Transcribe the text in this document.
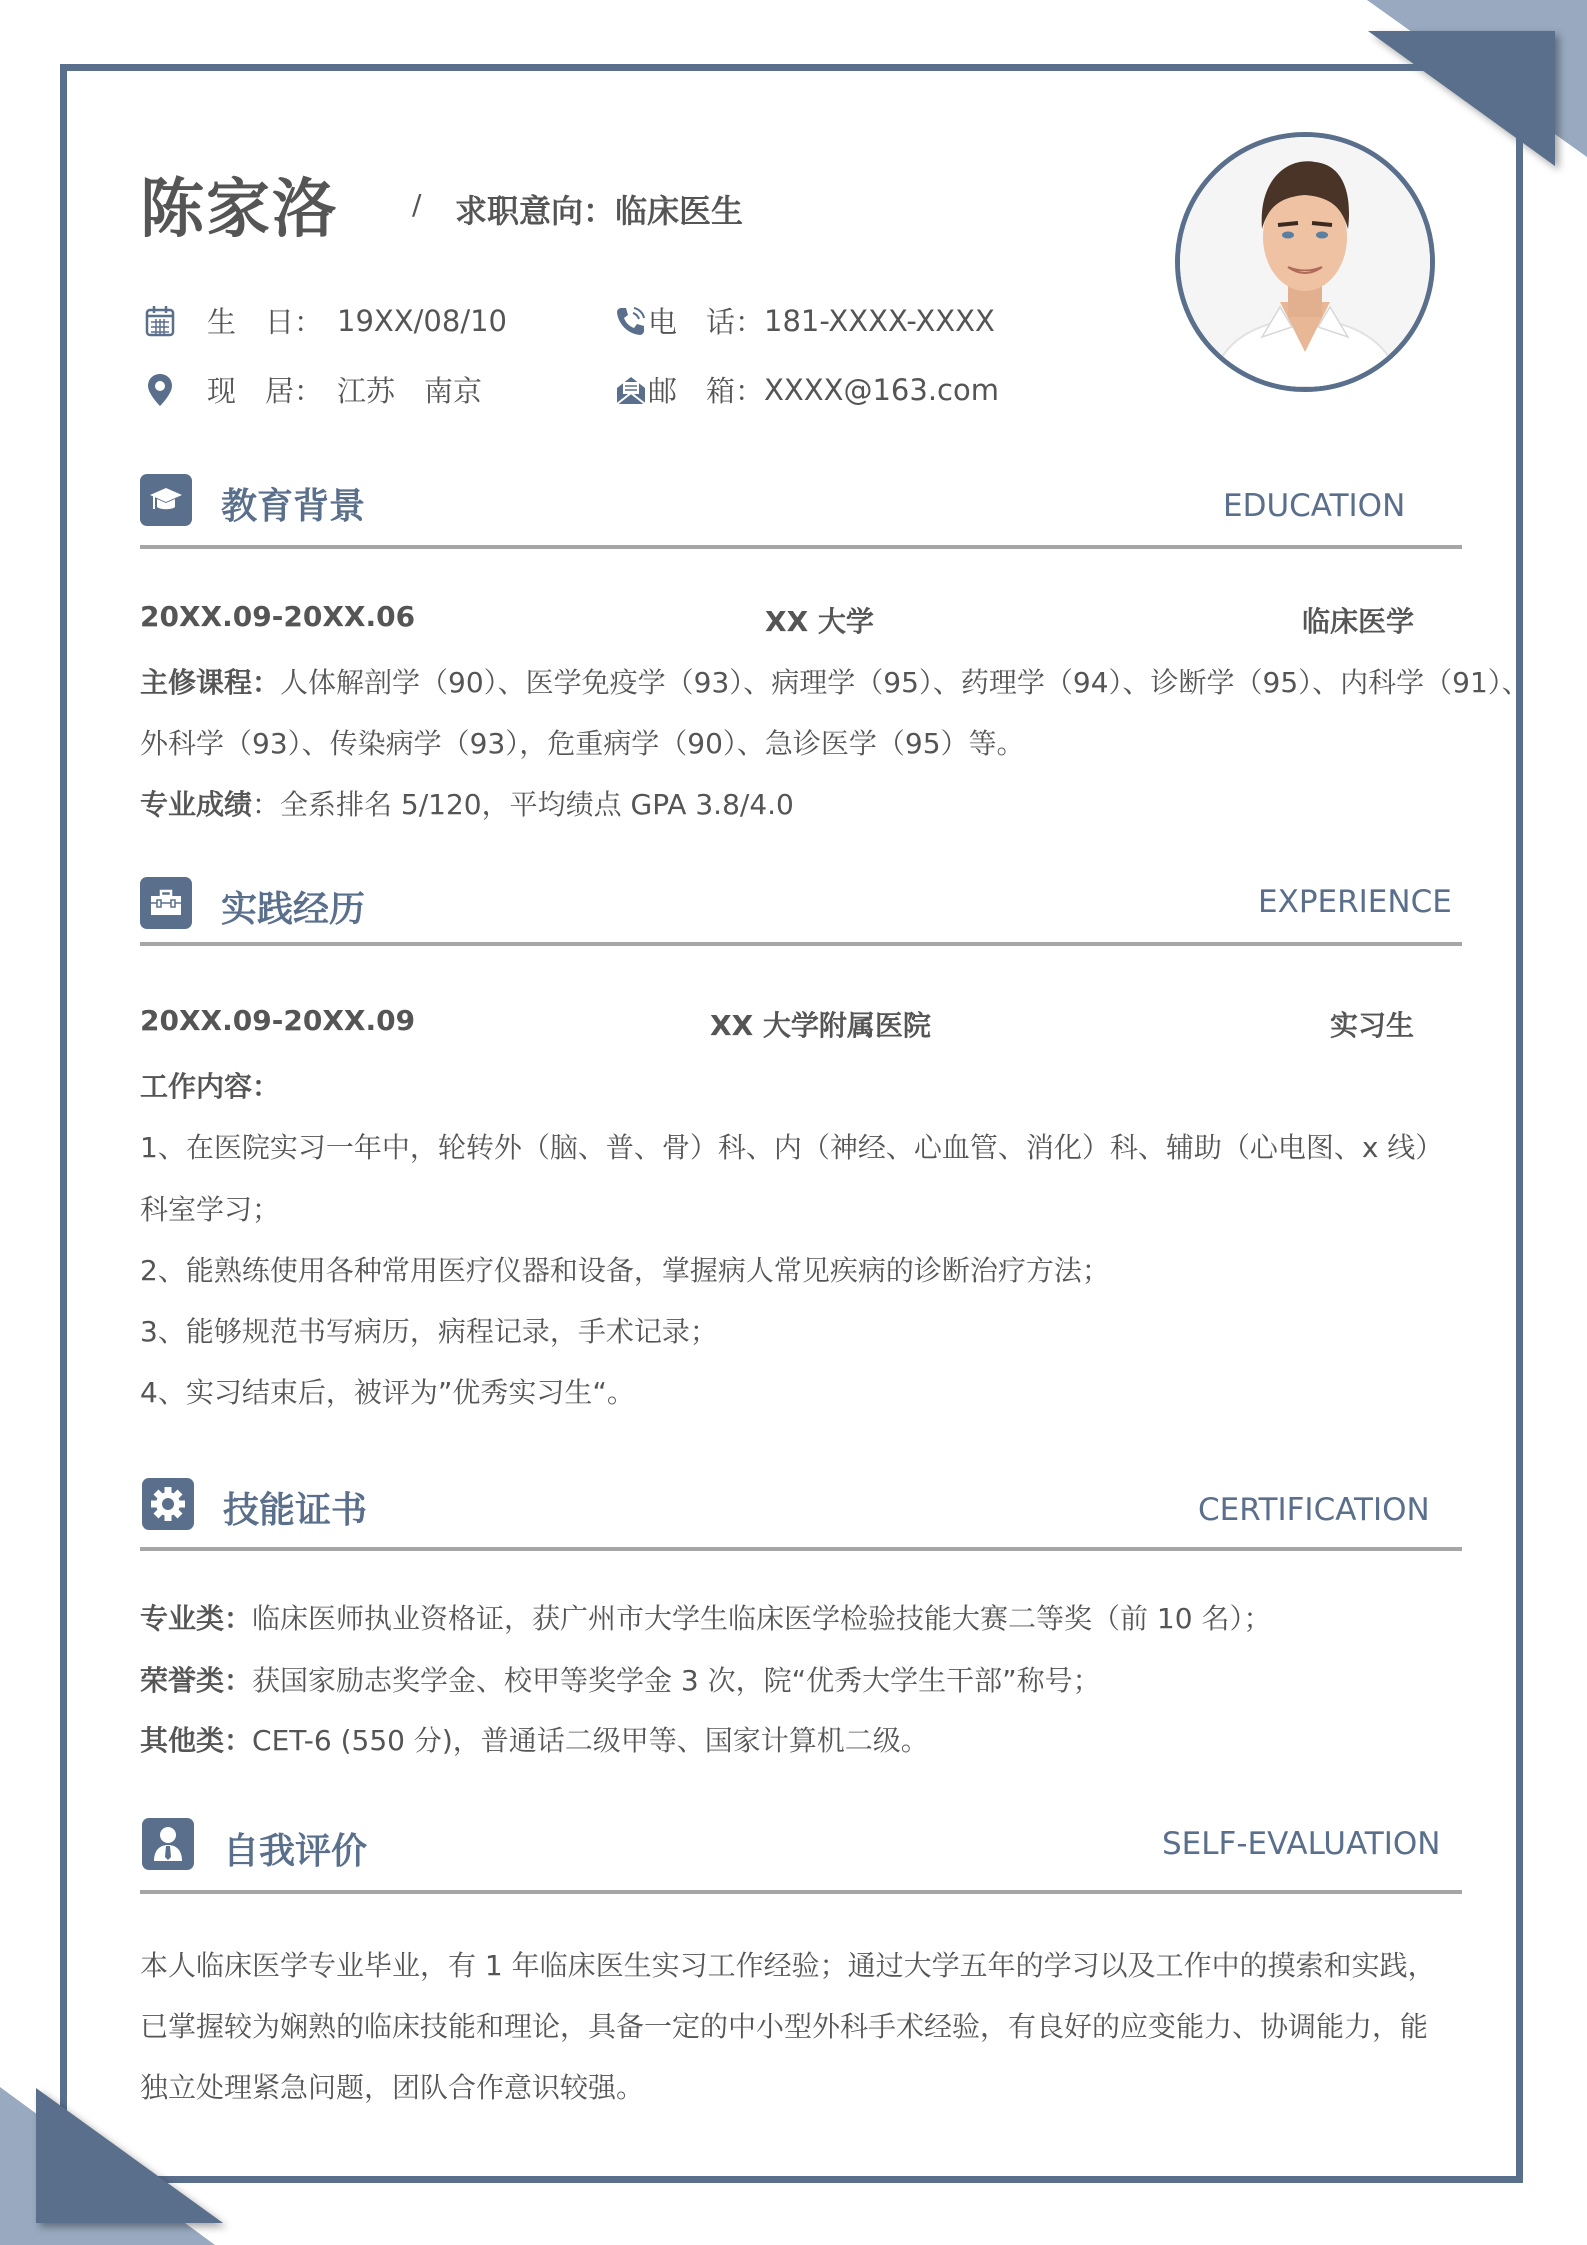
陈家洛	/ 求职意向：临床医生
生　日： 19XX/08/10
现　居： 江苏　南京
电　话： 181-XXXX-XXXX
邮　箱： XXXX@163.com
教育背景	EDUCATION
20XX.09-20XX.06	XX 大学	临床医学
主修课程：人体解剖学（90）、医学免疫学（93）、病理学（95）、药理学（94）、诊断学（95）、内科学（91）、
外科学（93）、传染病学（93），危重病学（90）、急诊医学（95）等。
专业成绩：全系排名 5/120，平均绩点 GPA 3.8/4.0
实践经历	EXPERIENCE
20XX.09-20XX.09	XX 大学附属医院	实习生
工作内容：
1、在医院实习一年中，轮转外（脑、普、骨）科、内（神经、心血管、消化）科、辅助（心电图、x 线）
科室学习；
2、能熟练使用各种常用医疗仪器和设备，掌握病人常见疾病的诊断治疗方法；
3、能够规范书写病历，病程记录，手术记录；
4、实习结束后，被评为”优秀实习生“。
技能证书	CERTIFICATION
专业类：临床医师执业资格证，获广州市大学生临床医学检验技能大赛二等奖（前 10 名）；
荣誉类：获国家励志奖学金、校甲等奖学金 3 次，院“优秀大学生干部”称号；
其他类：CET-6 (550 分)，普通话二级甲等、国家计算机二级。
自我评价	SELF-EVALUATION
本人临床医学专业毕业，有 1 年临床医生实习工作经验；通过大学五年的学习以及工作中的摸索和实践，
已掌握较为娴熟的临床技能和理论，具备一定的中小型外科手术经验，有良好的应变能力、协调能力，能
独立处理紧急问题，团队合作意识较强。
